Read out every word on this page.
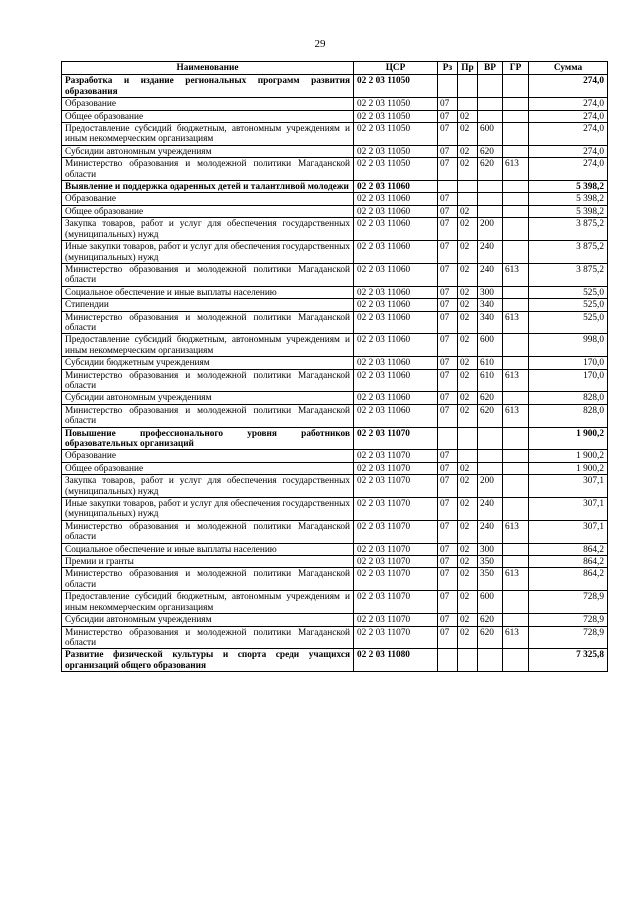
29
Наименование	ЦСР	Рз	Пр	ВР	ГР	Сумма
Разработка и издание региональных программ развития образования	02 2 03 11050					274,0
Образование	02 2 03 11050	07				274,0
Общее образование	02 2 03 11050	07	02			274,0
Предоставление субсидий бюджетным, автономным учреждениям и иным некоммерческим организациям	02 2 03 11050	07	02	600		274,0
Субсидии автономным учреждениям	02 2 03 11050	07	02	620		274,0
Министерство образования и молодежной политики Магаданской области	02 2 03 11050	07	02	620	613	274,0
Выявление и поддержка одаренных детей и талантливой молодежи	02 2 03 11060					5 398,2
Образование	02 2 03 11060	07				5 398,2
Общее образование	02 2 03 11060	07	02			5 398,2
Закупка товаров, работ и услуг для обеспечения государственных (муниципальных) нужд	02 2 03 11060	07	02	200		3 875,2
Иные закупки товаров, работ и услуг для обеспечения государственных (муниципальных) нужд	02 2 03 11060	07	02	240		3 875,2
Министерство образования и молодежной политики Магаданской области	02 2 03 11060	07	02	240	613	3 875,2
Социальное обеспечение и иные выплаты населению	02 2 03 11060	07	02	300		525,0
Стипендии	02 2 03 11060	07	02	340		525,0
Министерство образования и молодежной политики Магаданской области	02 2 03 11060	07	02	340	613	525,0
Предоставление субсидий бюджетным, автономным учреждениям и иным некоммерческим организациям	02 2 03 11060	07	02	600		998,0
Субсидии бюджетным учреждениям	02 2 03 11060	07	02	610		170,0
Министерство образования и молодежной политики Магаданской области	02 2 03 11060	07	02	610	613	170,0
Субсидии автономным учреждениям	02 2 03 11060	07	02	620		828,0
Министерство образования и молодежной политики Магаданской области	02 2 03 11060	07	02	620	613	828,0
Повышение профессионального уровня работников образовательных организаций	02 2 03 11070					1 900,2
Образование	02 2 03 11070	07				1 900,2
Общее образование	02 2 03 11070	07	02			1 900,2
Закупка товаров, работ и услуг для обеспечения государственных (муниципальных) нужд	02 2 03 11070	07	02	200		307,1
Иные закупки товаров, работ и услуг для обеспечения государственных (муниципальных) нужд	02 2 03 11070	07	02	240		307,1
Министерство образования и молодежной политики Магаданской области	02 2 03 11070	07	02	240	613	307,1
Социальное обеспечение и иные выплаты населению	02 2 03 11070	07	02	300		864,2
Премии и гранты	02 2 03 11070	07	02	350		864,2
Министерство образования и молодежной политики Магаданской области	02 2 03 11070	07	02	350	613	864,2
Предоставление субсидий бюджетным, автономным учреждениям и иным некоммерческим организациям	02 2 03 11070	07	02	600		728,9
Субсидии автономным учреждениям	02 2 03 11070	07	02	620		728,9
Министерство образования и молодежной политики Магаданской области	02 2 03 11070	07	02	620	613	728,9
Развитие физической культуры и спорта среди учащихся организаций общего образования	02 2 03 11080					7 325,8
